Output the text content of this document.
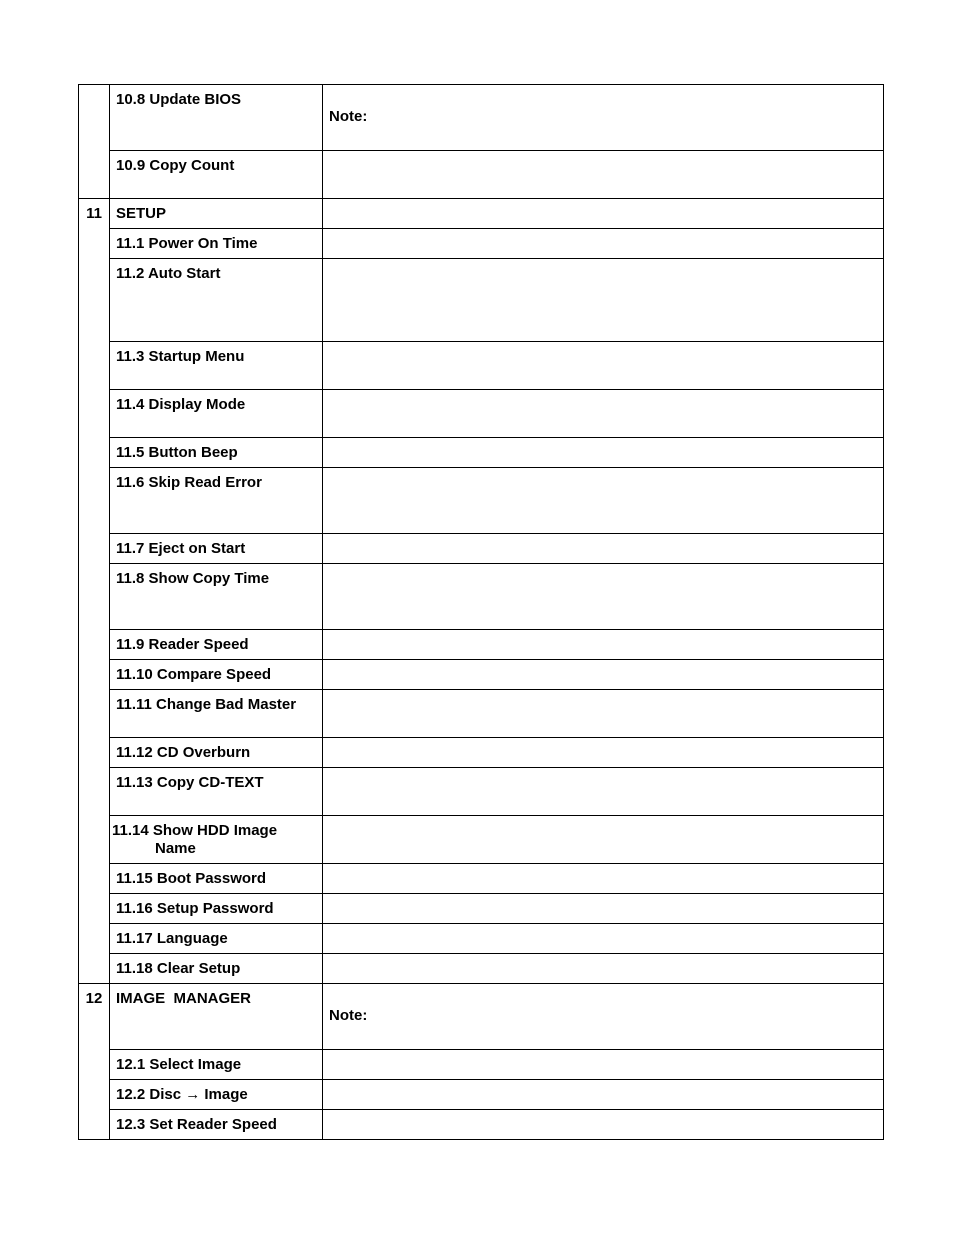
	10.8 Update BIOS	Note:

	10.9 Copy Count	
11	SETUP	
	11.1 Power On Time	
	11.2 Auto Start	
	11.3 Startup Menu	
	11.4 Display Mode	
	11.5 Button Beep	
	11.6 Skip Read Error	
	11.7 Eject on Start	
	11.8 Show Copy Time	
	11.9 Reader Speed	
	11.10 Compare Speed	
	11.11 Change Bad Master	
	11.12 CD Overburn	
	11.13 Copy CD-TEXT	

	11.14 Show HDD Image
Name	

	11.15 Boot Password	
	11.16 Setup Password	
	11.17 Language	
	11.18 Clear Setup	
12	IMAGE  MANAGER	Note:

	12.1 Select Image	
	12.2 Disc → Image	
	12.3 Set Reader Speed	
